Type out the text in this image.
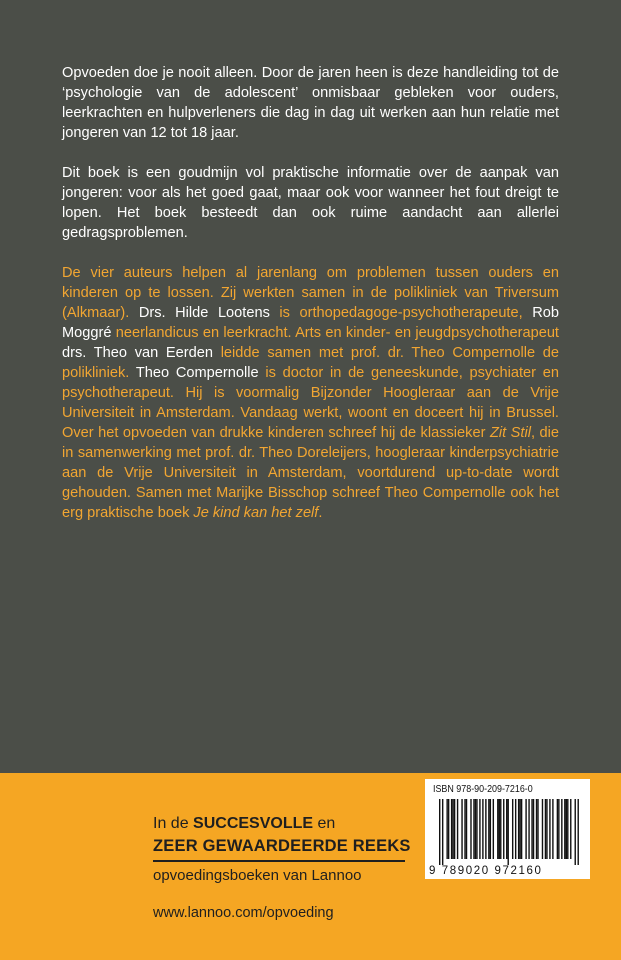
Opvoeden doe je nooit alleen. Door de jaren heen is deze handleiding tot de ‘psychologie van de adolescent’ onmisbaar gebleken voor ouders, leerkrachten en hulpverleners die dag in dag uit werken aan hun relatie met jongeren van 12 tot 18 jaar.

Dit boek is een goudmijn vol praktische informatie over de aanpak van jongeren: voor als het goed gaat, maar ook voor wanneer het fout dreigt te lopen. Het boek besteedt dan ook ruime aandacht aan allerlei gedragsproblemen.

De vier auteurs helpen al jarenlang om problemen tussen ouders en kinderen op te lossen. Zij werkten samen in de polikliniek van Triversum (Alkmaar). Drs. Hilde Lootens is orthopedagoge-psychotherapeute, Rob Moggré neerlandicus en leerkracht. Arts en kinder- en jeugdpsychotherapeut drs. Theo van Eerden leidde samen met prof. dr. Theo Compernolle de polikliniek. Theo Compernolle is doctor in de geneeskunde, psychiater en psychotherapeut. Hij is voormalig Bijzonder Hoogleraar aan de Vrije Universiteit in Amsterdam. Vandaag werkt, woont en doceert hij in Brussel. Over het opvoeden van drukke kinderen schreef hij de klassieker Zit Stil, die in samenwerking met prof. dr. Theo Doreleijers, hoogleraar kinderpsychiatrie aan de Vrije Universiteit in Amsterdam, voortdurend up-to-date wordt gehouden. Samen met Marijke Bisschop schreef Theo Compernolle ook het erg praktische boek Je kind kan het zelf.

In de SUCCESVOLLE en

ZEER GEWAARDEERDE REEKS

opvoedingsboeken van Lannoo

www.lannoo.com/opvoeding

ISBN 978-90-209-7216-0
9 789020 972160
